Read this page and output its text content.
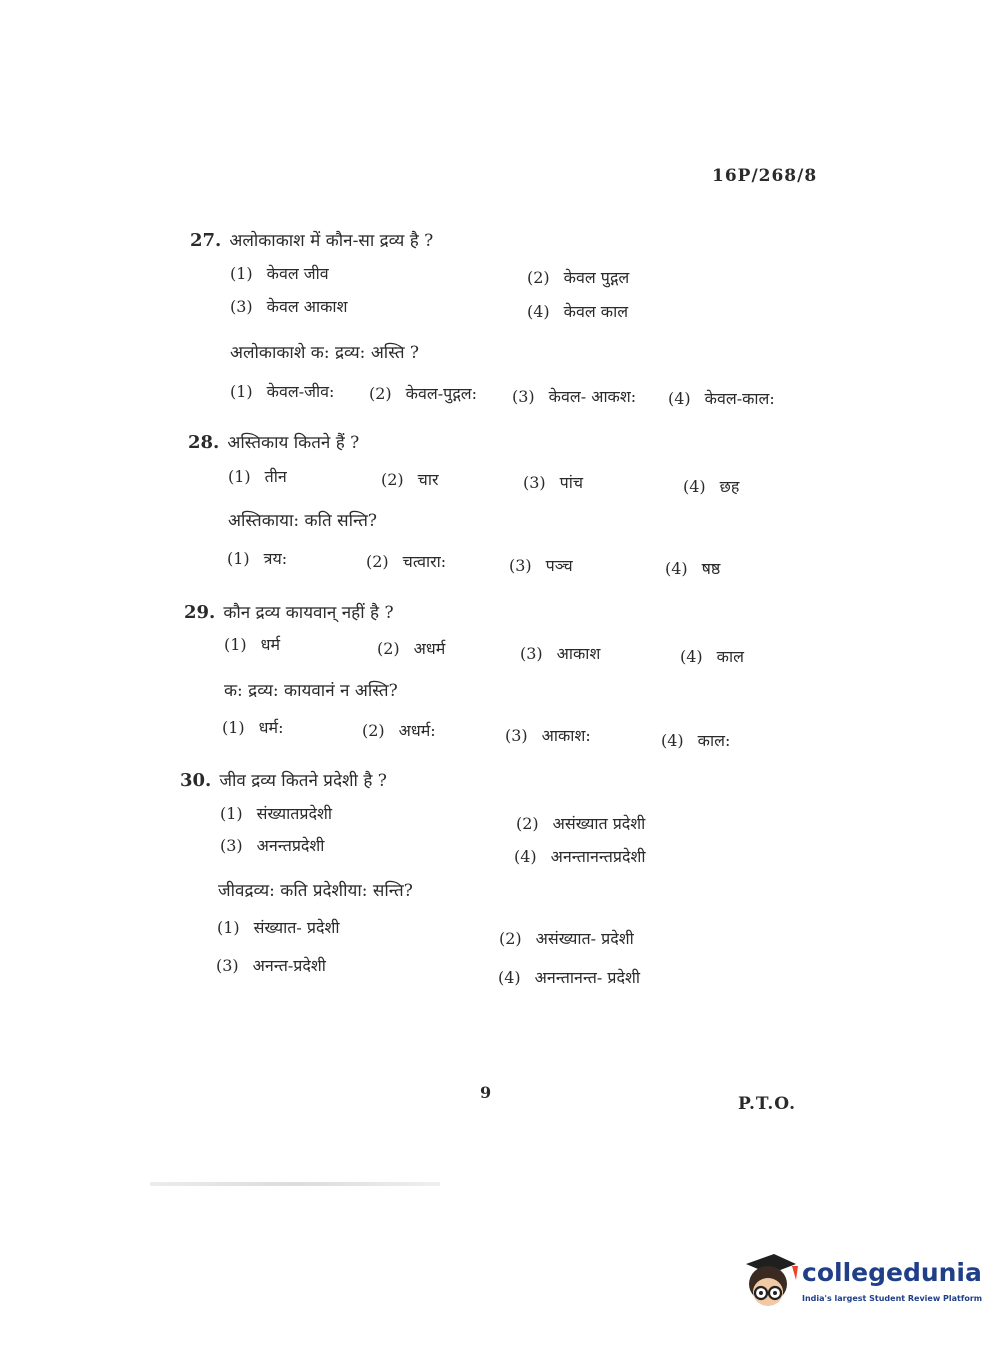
16P/268/8
27. अलोकाकाश में कौन-सा द्रव्य है ?
(1) केवल जीव	(2) केवल पुद्गल
(3) केवल आकाश	(4) केवल काल
अलोकाकाशे क: द्रव्य: अस्ति ?
(1) केवल-जीव: (2) केवल-पुद्गल: (3) केवल- आकश: (4) केवल-काल:
28. अस्तिकाय कितने हैं ?
(1) तीन	(2) चार	(3) पांच	(4) छह
अस्तिकाया: कति सन्ति?
(1) त्रय:	(2) चत्वारा:	(3) पञ्च	(4) षष्ठ
29. कौन द्रव्य कायवान् नहीं है ?
(1) धर्म	(2) अधर्म	(3) आकाश	(4) काल
क: द्रव्य: कायवानं न अस्ति?
(1) धर्म:	(2) अधर्म:	(3) आकाश:	(4) काल:
30. जीव द्रव्य कितने प्रदेशी है ?
(1) संख्यातप्रदेशी
(2) असंख्यात प्रदेशी
(3) अनन्तप्रदेशी
(4) अनन्तानन्तप्रदेशी
जीवद्रव्य: कति प्रदेशीया: सन्ति?
(1) संख्यात- प्रदेशी
(2) असंख्यात- प्रदेशी
(3) अनन्त-प्रदेशी
(4) अनन्तानन्त- प्रदेशी
9
P.T.O.
collegedunia
India's largest Student Review Platform
